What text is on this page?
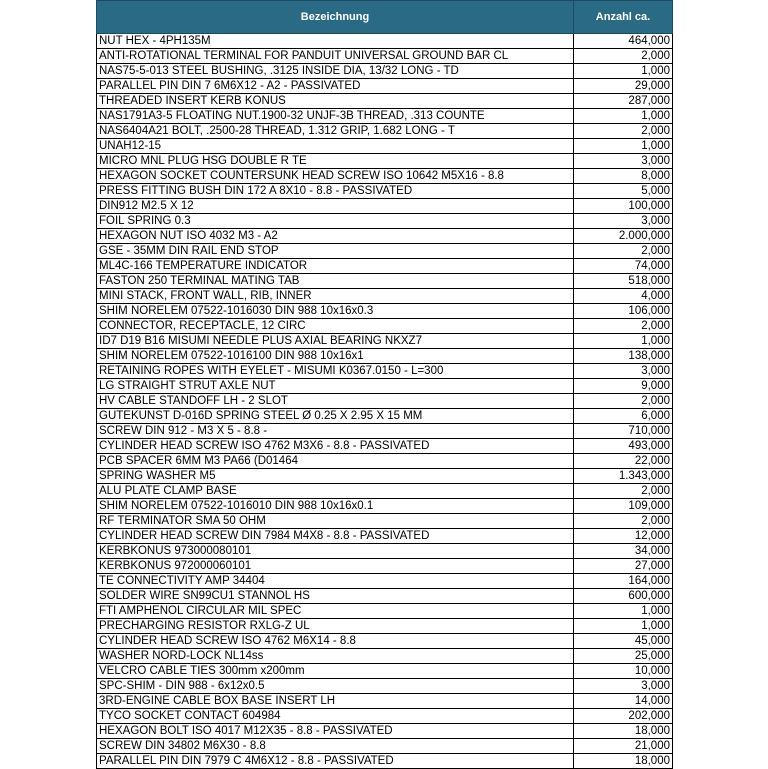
Bezeichnung	Anzahl ca.
NUT HEX - 4PH135M	464,000
ANTI-ROTATIONAL TERMINAL FOR PANDUIT UNIVERSAL GROUND BAR CL	2,000
NAS75-5-013 STEEL BUSHING, .3125 INSIDE DIA, 13/32 LONG - TD	1,000
PARALLEL PIN DIN 7 6M6X12 - A2 - PASSIVATED	29,000
THREADED INSERT KERB KONUS	287,000
NAS1791A3-5 FLOATING NUT.1900-32 UNJF-3B THREAD, .313 COUNTE	1,000
NAS6404A21 BOLT, .2500-28 THREAD, 1.312 GRIP, 1.682 LONG - T	2,000
UNAH12-15	1,000
MICRO MNL PLUG HSG DOUBLE R TE	3,000
HEXAGON SOCKET COUNTERSUNK HEAD SCREW ISO 10642 M5X16 - 8.8	8,000
PRESS FITTING BUSH DIN 172 A 8X10 - 8.8 - PASSIVATED	5,000
DIN912 M2.5 X 12	100,000
FOIL SPRING 0.3	3,000
HEXAGON NUT ISO 4032 M3 - A2	2.000,000
GSE - 35MM DIN RAIL END STOP	2,000
ML4C-166 TEMPERATURE INDICATOR	74,000
FASTON 250 TERMINAL MATING TAB	518,000
MINI STACK, FRONT WALL, RIB, INNER	4,000
SHIM NORELEM 07522-1016030 DIN 988 10x16x0.3	106,000
CONNECTOR, RECEPTACLE, 12 CIRC	2,000
ID7 D19 B16 MISUMI NEEDLE PLUS AXIAL BEARING NKXZ7	1,000
SHIM NORELEM 07522-1016100 DIN 988 10x16x1	138,000
RETAINING ROPES WITH EYELET - MISUMI K0367.0150 - L=300	3,000
LG STRAIGHT STRUT AXLE NUT	9,000
HV CABLE STANDOFF LH - 2 SLOT	2,000
GUTEKUNST D-016D SPRING STEEL Ø 0.25 X 2.95 X 15 MM	6,000
SCREW DIN 912 - M3 X 5 - 8.8 -	710,000
CYLINDER HEAD SCREW ISO 4762 M3X6 - 8.8 - PASSIVATED	493,000
PCB SPACER 6MM M3 PA66 (D01464	22,000
SPRING WASHER M5	1.343,000
ALU PLATE CLAMP BASE	2,000
SHIM NORELEM 07522-1016010 DIN 988 10x16x0.1	109,000
RF TERMINATOR SMA 50 OHM	2,000
CYLINDER HEAD SCREW DIN 7984 M4X8 - 8.8 - PASSIVATED	12,000
KERBKONUS 973000080101	34,000
KERBKONUS 972000060101	27,000
TE CONNECTIVITY AMP 34404	164,000
SOLDER WIRE SN99CU1 STANNOL HS	600,000
FTI AMPHENOL CIRCULAR MIL SPEC	1,000
PRECHARGING RESISTOR RXLG-Z UL	1,000
CYLINDER HEAD SCREW ISO 4762 M6X14 - 8.8	45,000
WASHER NORD-LOCK NL14ss	25,000
VELCRO CABLE TIES 300mm x200mm	10,000
SPC-SHIM - DIN 988 - 6x12x0.5	3,000
3RD-ENGINE CABLE BOX BASE INSERT LH	14,000
TYCO SOCKET CONTACT 604984	202,000
HEXAGON BOLT ISO 4017 M12X35 - 8.8 - PASSIVATED	18,000
SCREW DIN 34802 M6X30 - 8.8	21,000
PARALLEL PIN DIN 7979 C 4M6X12 - 8.8 - PASSIVATED	18,000
